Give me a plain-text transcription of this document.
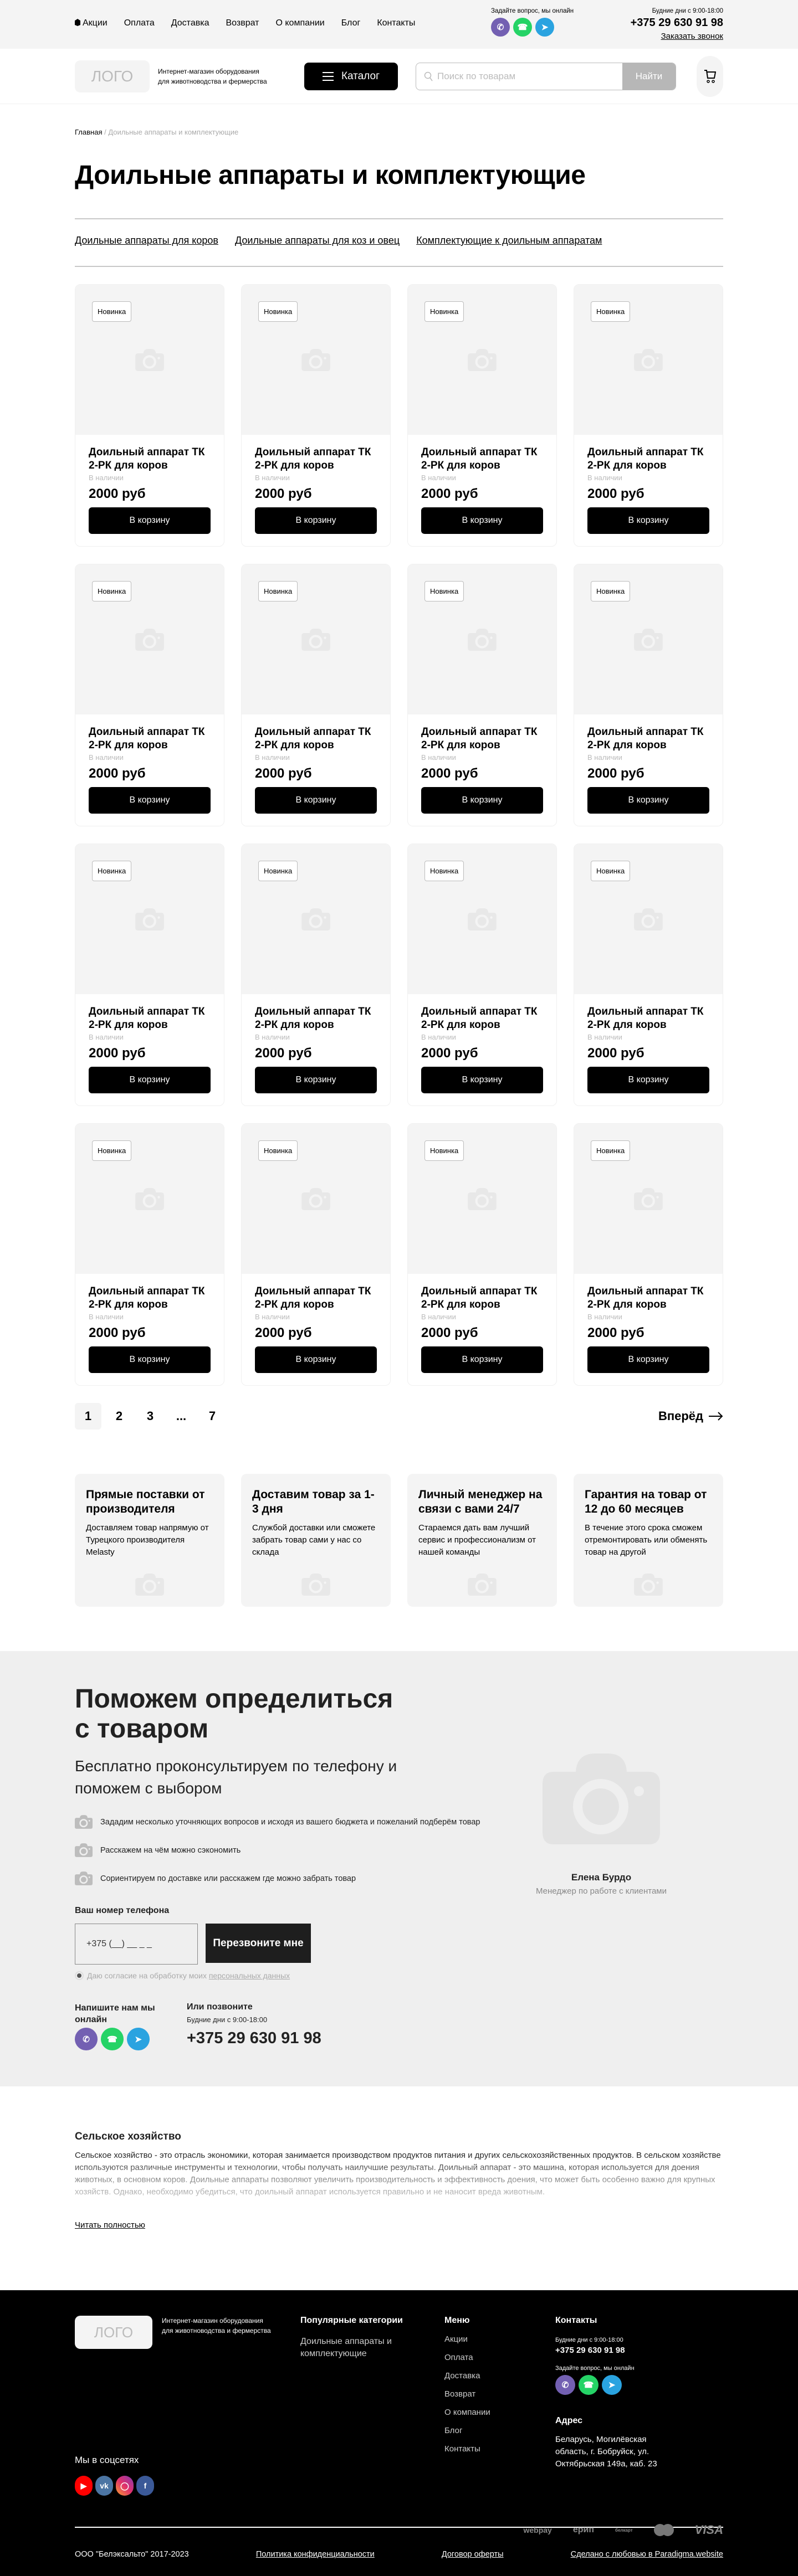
Акции Оплата Доставка Возврат О компании Блог Контакты
Задайте вопрос, мы онлайн
✆	☎	➤
Будние дни с 9:00-18:00
+375 29 630 91 98
Заказать звонок
ЛОГО	Интернет-магазин оборудования для животноводства и фермерства	Каталог	Поиск по товарам	Найти
Главная / Доильные аппараты и комплектующие
Доильные аппараты и комплектующие
Доильные аппараты для коров Доильные аппараты для коз и овец Комплектующие к доильным аппаратам
Новинка
Доильный аппарат ТК 2-РК для коров
В наличии
2000 руб
В корзину
Новинка
Доильный аппарат ТК 2-РК для коров
В наличии
2000 руб
В корзину
Новинка
Доильный аппарат ТК 2-РК для коров
В наличии
2000 руб
В корзину
Новинка
Доильный аппарат ТК 2-РК для коров
В наличии
2000 руб
В корзину
Новинка
Доильный аппарат ТК 2-РК для коров
В наличии
2000 руб
В корзину
Новинка
Доильный аппарат ТК 2-РК для коров
В наличии
2000 руб
В корзину
Новинка
Доильный аппарат ТК 2-РК для коров
В наличии
2000 руб
В корзину
Новинка
Доильный аппарат ТК 2-РК для коров
В наличии
2000 руб
В корзину
Новинка
Доильный аппарат ТК 2-РК для коров
В наличии
2000 руб
В корзину
Новинка
Доильный аппарат ТК 2-РК для коров
В наличии
2000 руб
В корзину
Новинка
Доильный аппарат ТК 2-РК для коров
В наличии
2000 руб
В корзину
Новинка
Доильный аппарат ТК 2-РК для коров
В наличии
2000 руб
В корзину
Новинка
Доильный аппарат ТК 2-РК для коров
В наличии
2000 руб
В корзину
Новинка
Доильный аппарат ТК 2-РК для коров
В наличии
2000 руб
В корзину
Новинка
Доильный аппарат ТК 2-РК для коров
В наличии
2000 руб
В корзину
Новинка
Доильный аппарат ТК 2-РК для коров
В наличии
2000 руб
В корзину
1	2	3	...	7	Вперёд
Прямые поставки от производителя
Доставляем товар напрямую от Турецкого производителя Melasty
Доставим товар за 1-3 дня
Службой доставки или сможете забрать товар сами у нас со склада
Личный менеджер на связи с вами 24/7
Стараемся дать вам лучший сервис и профессионализм от нашей команды
Гарантия на товар от 12 до 60 месяцев
В течение этого срока сможем отремонтировать или обменять товар на другой
Поможем определиться с товаром
Бесплатно проконсультируем по телефону и поможем с выбором
Зададим несколько уточняющих вопросов и исходя из вашего бюджета и пожеланий подберём товар
Расскажем на чём можно сэкономить
Сориентируем по доставке или расскажем где можно забрать товар
Ваш номер телефона
+375 (__) __ _ _	Перезвоните мне
Даю согласие на обработку моих персональных данных
Напишите нам мы онлайн
✆	☎	➤
Или позвоните
Будние дни с 9:00-18:00
+375 29 630 91 98
Елена Бурдо
Менеджер по работе с клиентами
Сельское хозяйство

Сельское хозяйство - это отрасль экономики, которая занимается производством продуктов питания и других сельскохозяйственных продуктов. В сельском хозяйстве используются различные инструменты и технологии, чтобы получать наилучшие результаты. Доильный аппарат - это машина, которая используется для доения животных, в основном коров. Доильные аппараты позволяют увеличить производительность и эффективность доения, что может быть особенно важно для крупных хозяйств. Однако, необходимо убедиться, что доильный аппарат используется правильно и не наносит вреда животным.

Читать полностью
ЛОГО
Интернет-магазин оборудования для животноводства и фермерства
Популярные категории
Доильные аппараты и комплектующие
Меню
Акции
Оплата
Доставка
Возврат
О компании
Блог
Контакты
Контакты
Будние дни с 9:00-18:00
+375 29 630 91 98
Задайте вопрос, мы онлайн
✆	☎	➤
Адрес
Беларусь, Могилёвская область, г. Бобруйск, ул. Октябрьская 149а, каб. 23
Мы в соцсетях
▶	vk	◯	f
webpay ерип	белкарт	VISA
ООО "Белэксальто" 2017-2023	Политика конфиденциальности	Договор оферты	Сделано с любовью в Paradigma.website
